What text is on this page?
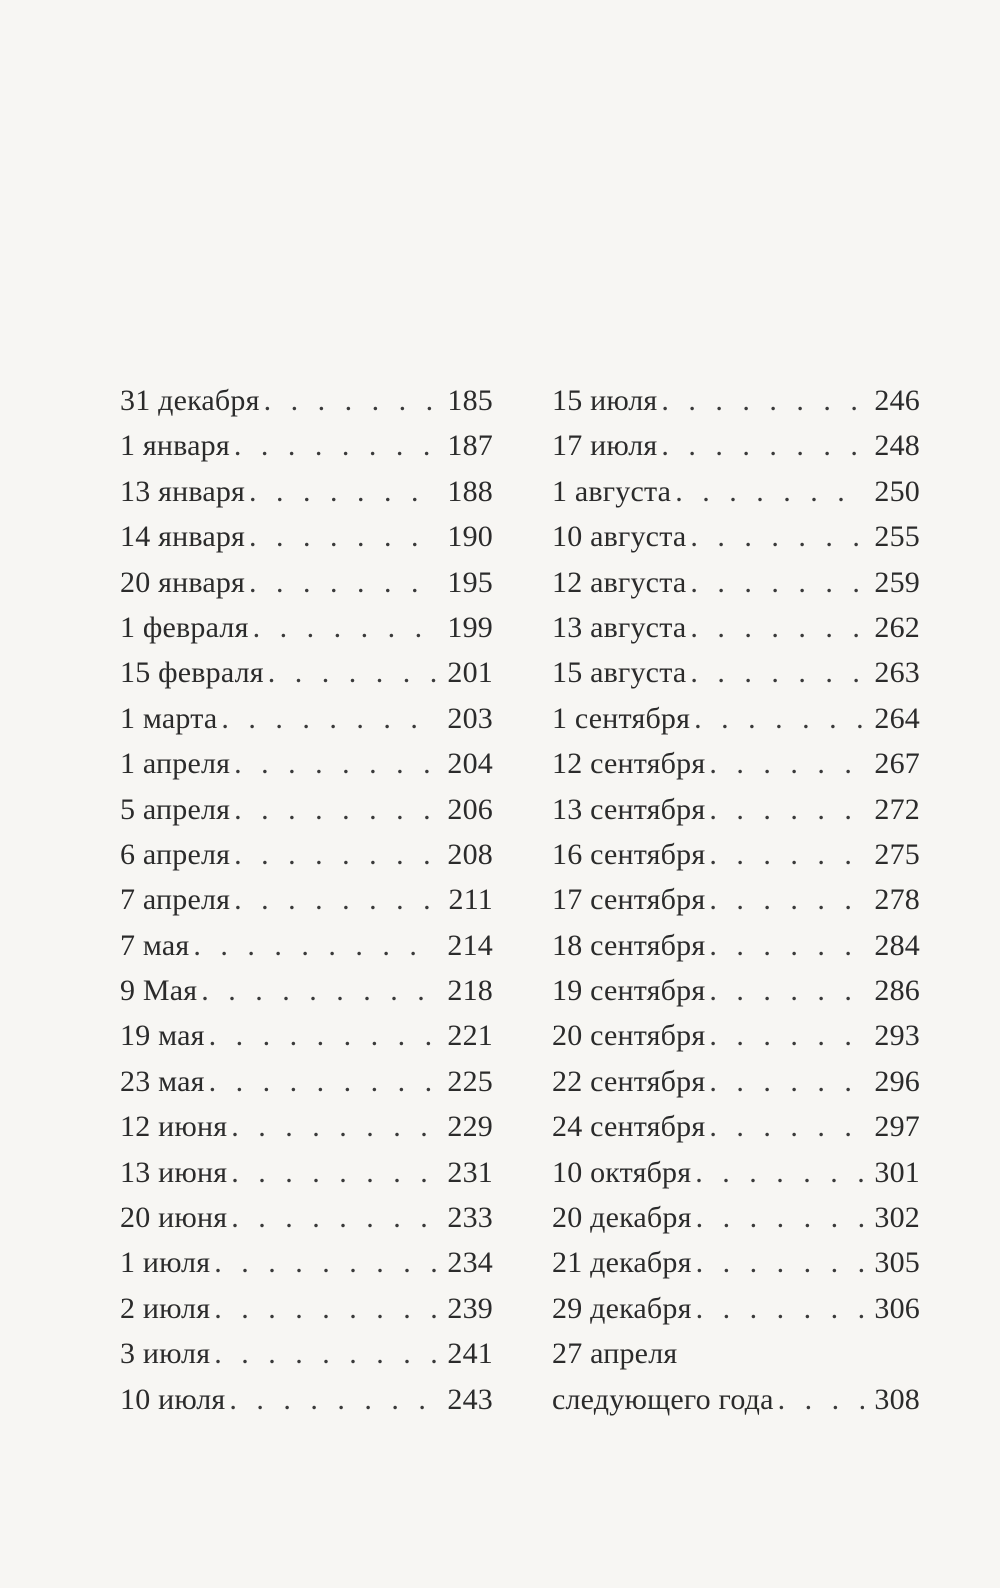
31 декабря . . .	185
1 января . . .	187
13 января . . .	188
14 января . . .	190
20 января . . .	195
1 февраля . . .	199
15 февраля . . .	201
1 марта . . .	203
1 апреля . . .	204
5 апреля . . .	206
6 апреля . . .	208
7 апреля . . .	211
7 мая . . .	214
9 Мая . . .	218
19 мая . . .	221
23 мая . . .	225
12 июня . . .	229
13 июня . . .	231
20 июня . . .	233
1 июля . . .	234
2 июля . . .	239
3 июля . . .	241
10 июля . . .	243
15 июля . . .	246
17 июля . . .	248
1 августа . . .	250
10 августа . . .	255
12 августа . . .	259
13 августа . . .	262
15 августа . . .	263
1 сентября . . .	264
12 сентября . . .	267
13 сентября . . .	272
16 сентября . . .	275
17 сентября . . .	278
18 сентября . . .	284
19 сентября . . .	286
20 сентября . . .	293
22 сентября . . .	296
24 сентября . . .	297
10 октября . . .	301
20 декабря . . .	302
21 декабря . . .	305
29 декабря . . .	306
27 апреля
следующего года . . .	308
